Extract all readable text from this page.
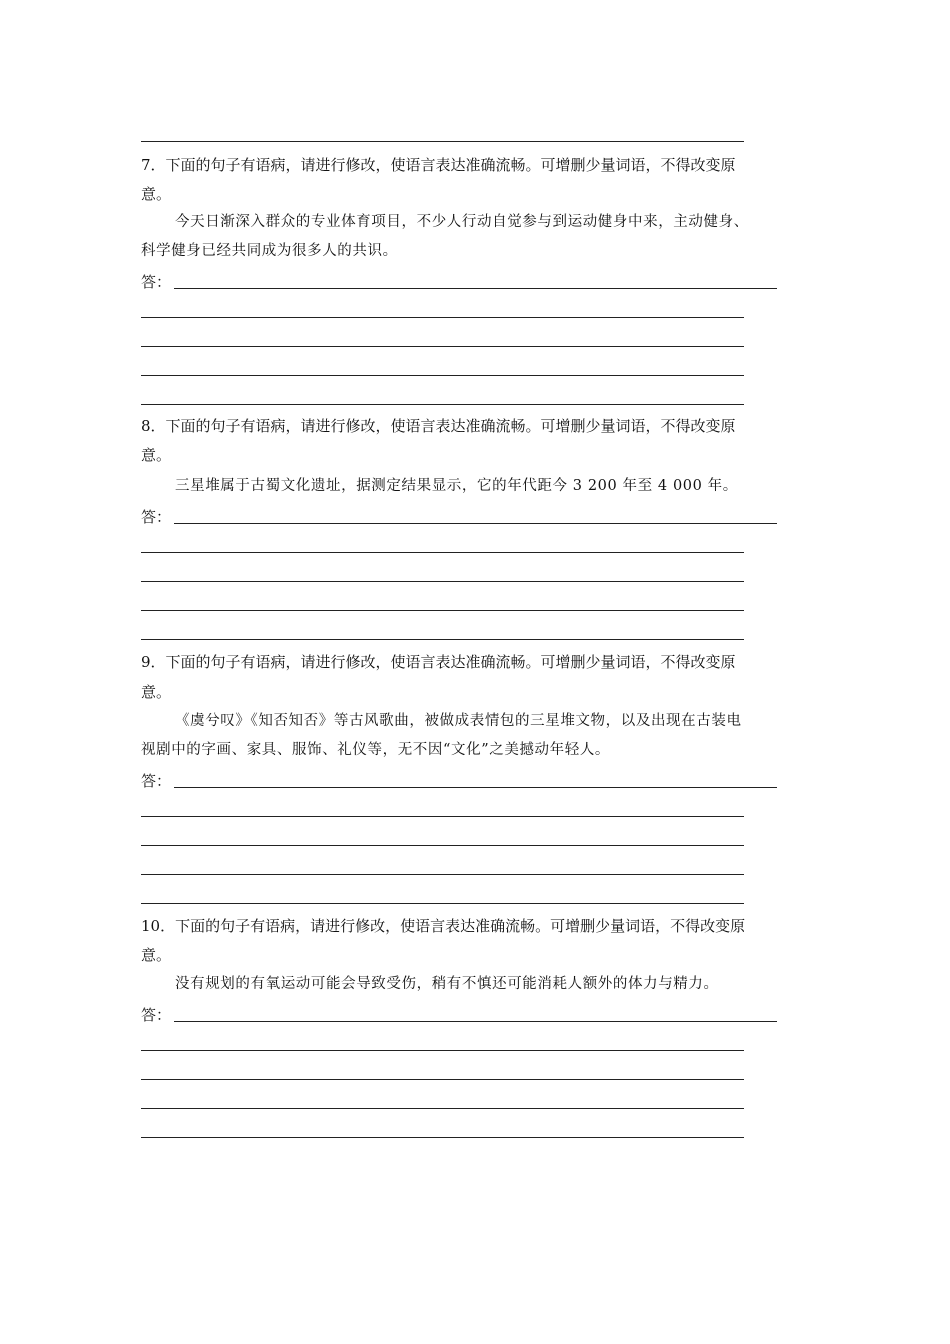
7．下面的句子有语病，请进行修改，使语言表达准确流畅。可增删少量词语，不得改变原
意。
今天日渐深入群众的专业体育项目，不少人行动自觉参与到运动健身中来，主动健身、
科学健身已经共同成为很多人的共识。
答：
8．下面的句子有语病，请进行修改，使语言表达准确流畅。可增删少量词语，不得改变原
意。
三星堆属于古蜀文化遗址，据测定结果显示，它的年代距今 3 200 年至 4 000 年。
答：
9．下面的句子有语病，请进行修改，使语言表达准确流畅。可增删少量词语，不得改变原
意。
《虞兮叹》《知否知否》等古风歌曲，被做成表情包的三星堆文物，以及出现在古装电
视剧中的字画、家具、服饰、礼仪等，无不因“文化”之美撼动年轻人。
答：
10．下面的句子有语病，请进行修改，使语言表达准确流畅。可增删少量词语，不得改变原
意。
没有规划的有氧运动可能会导致受伤，稍有不慎还可能消耗人额外的体力与精力。
答：
